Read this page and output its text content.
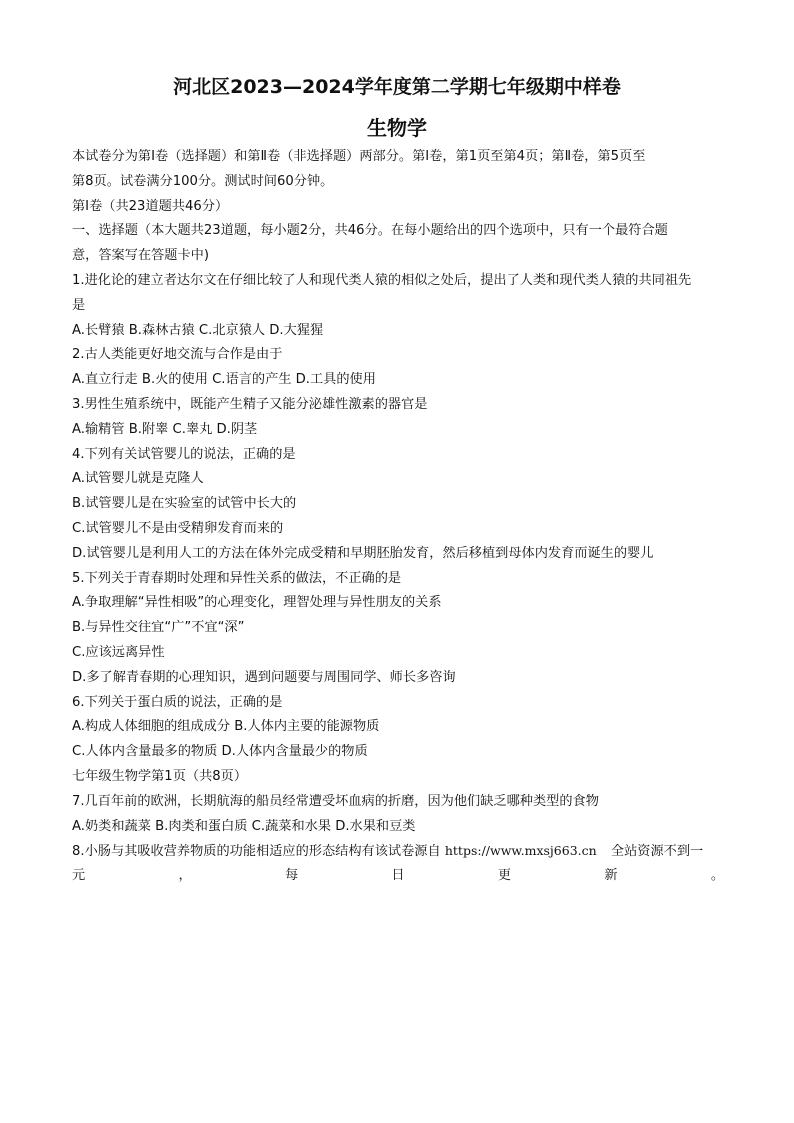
河北区2023—2024学年度第二学期七年级期中样卷
生物学
本试卷分为第Ⅰ卷（选择题）和第Ⅱ卷（非选择题）两部分。第Ⅰ卷，第1页至第4页；第Ⅱ卷，第5页至
第8页。试卷满分100分。测试时间60分钟。
第Ⅰ卷（共23道题共46分）
一、选择题（本大题共23道题，每小题2分，共46分。在每小题给出的四个选项中，只有一个最符合题
意，答案写在答题卡中)
1.进化论的建立者达尔文在仔细比较了人和现代类人猿的相似之处后，提出了人类和现代类人猿的共同祖先
是
A.长臂猿 B.森林古猿 C.北京猿人 D.大猩猩
2.古人类能更好地交流与合作是由于
A.直立行走 B.火的使用 C.语言的产生 D.工具的使用
3.男性生殖系统中，既能产生精子又能分泌雄性激素的器官是
A.输精管 B.附睾 C.睾丸 D.阴茎
4.下列有关试管婴儿的说法，正确的是
A.试管婴儿就是克隆人
B.试管婴儿是在实验室的试管中长大的
C.试管婴儿不是由受精卵发育而来的
D.试管婴儿是利用人工的方法在体外完成受精和早期胚胎发育，然后移植到母体内发育而诞生的婴儿
5.下列关于青春期时处理和异性关系的做法，不正确的是
A.争取理解“异性相吸”的心理变化，理智处理与异性朋友的关系
B.与异性交往宜“广”不宜“深”
C.应该远离异性
D.多了解青春期的心理知识，遇到问题要与周围同学、师长多咨询
6.下列关于蛋白质的说法，正确的是
A.构成人体细胞的组成成分 B.人体内主要的能源物质
C.人体内含量最多的物质 D.人体内含量最少的物质
七年级生物学第1页（共8页）
7.几百年前的欧洲，长期航海的船员经常遭受坏血病的折磨，因为他们缺乏哪种类型的食物
A.奶类和蔬菜 B.肉类和蛋白质 C.蔬菜和水果 D.水果和豆类
8.小肠与其吸收营养物质的功能相适应的形态结构有该试卷源自 https://www.mxsj663.cn 全站资源不到一
元	，	每	日	更	新	。
